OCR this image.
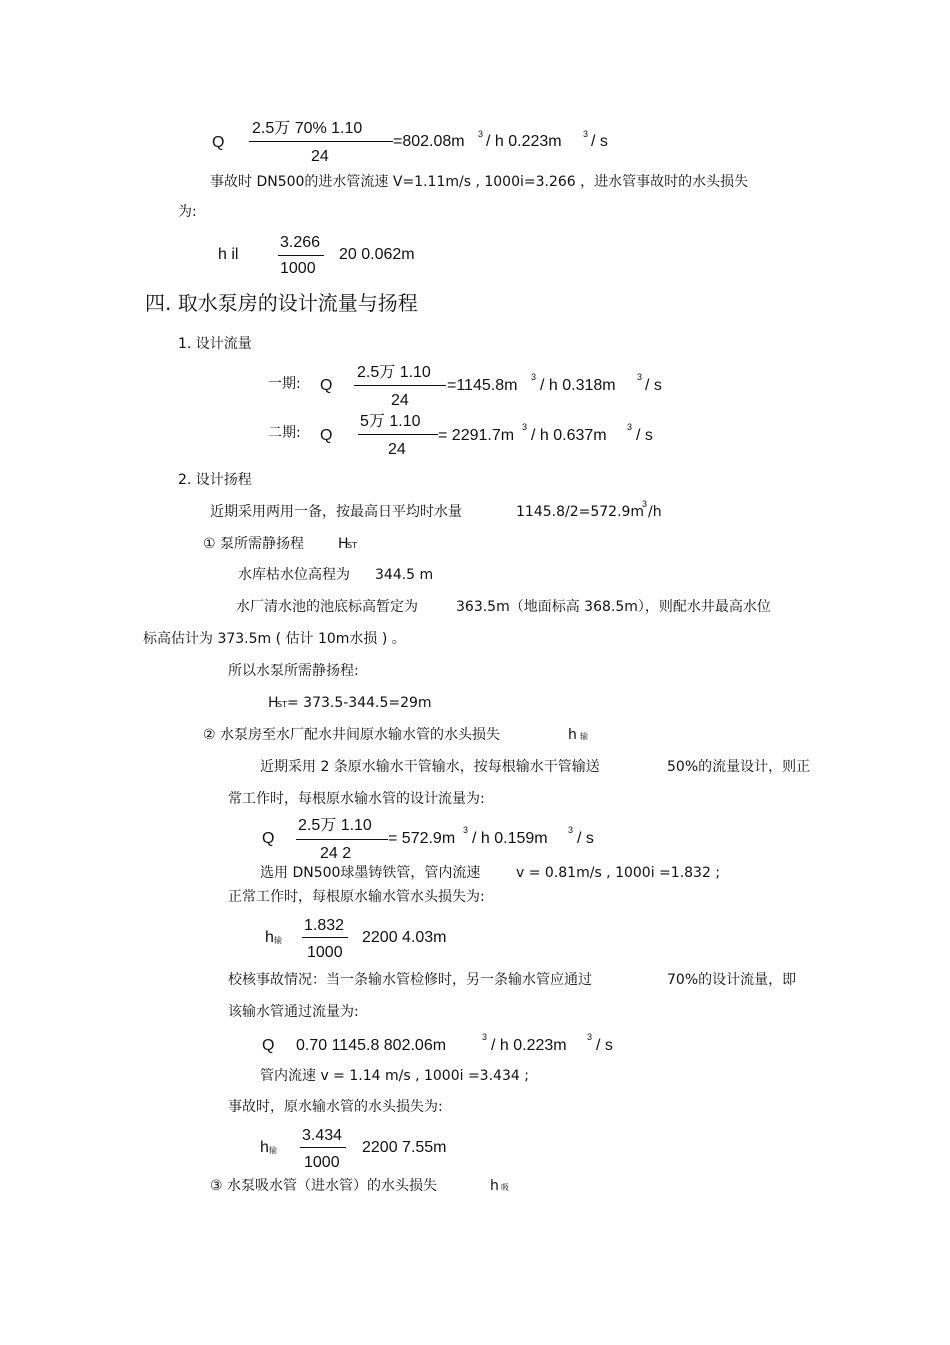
Q
2.5万 70% 1.10
24
=802.08m 3 / h 0.223m 3 / s
事故时 DN500的进水管流速 V=1.11m/s , 1000i=3.266 ，进水管事故时的水头损失
为:
h il
3.266
1000
20 0.062m
四. 取水泵房的设计流量与扬程
1. 设计流量
一期: Q
2.5万 1.10
24
=1145.8m 3 / h 0.318m 3 / s
二期: Q
5万 1.10
24
= 2291.7m 3 / h 0.637m 3 / s
2. 设计扬程
近期采用两用一备，按最高日平均时水量	1145.8/2=572.9m
3 /h
① 泵所需静扬程 H
ST
水库枯水位高程为 344.5 m
水厂清水池的池底标高暂定为	363.5m（地面标高 368.5m），则配水井最高水位
标高估计为 373.5m ( 估计 10m水损 ) 。
所以水泵所需静扬程:
H
ST = 373.5-344.5=29m
② 水泵房至水厂配水井间原水输水管的水头损失	h 输
近期采用 2 条原水输水干管输水，按每根输水干管输送	50%的流量设计，则正
常工作时，每根原水输水管的设计流量为:
Q
2.5万 1.10
24 2
= 572.9m 3 / h 0.159m 3 / s
选用 DN500球墨铸铁管，管内流速	v = 0.81m/s , 1000i =1.832 ;
正常工作时，每根原水输水管水头损失为:
h 输
1.832
1000
2200 4.03m
校核事故情况：当一条输水管检修时，另一条输水管应通过	70%的设计流量，即
该输水管通过流量为:
Q 0.70 1145.8 802.06m	3 / h 0.223m 3 / s
管内流速 v = 1.14 m/s , 1000i =3.434 ;
事故时，原水输水管的水头损失为:
h 输
3.434
1000
2200 7.55m
③ 水泵吸水管（进水管）的水头损失	h 吸
